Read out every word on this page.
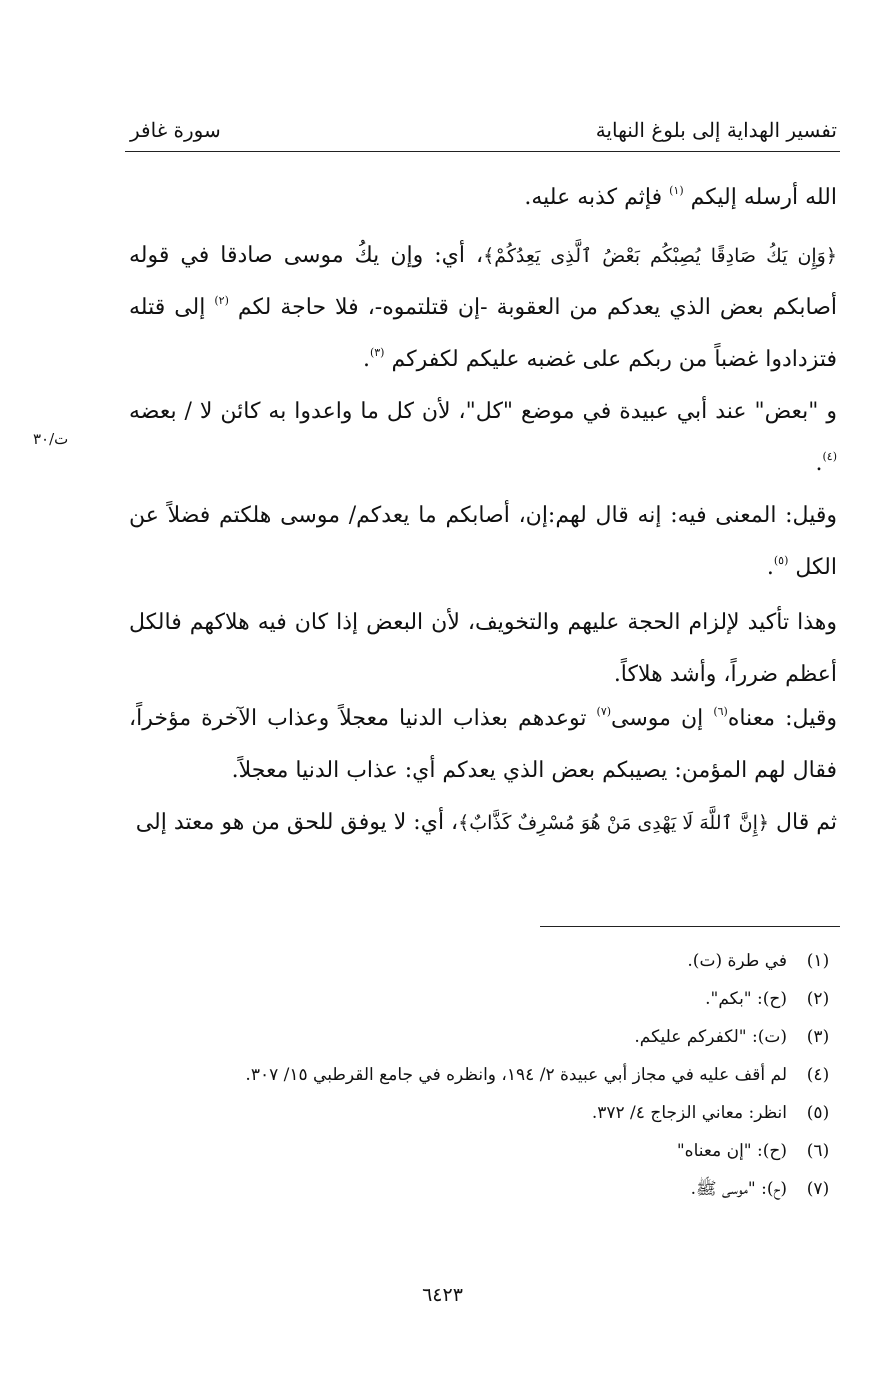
تفسير الهداية إلى بلوغ النهاية
سورة غافر
ت/٣٠
الله أرسله إليكم $^{(١)}$ فإثم كذبه عليه.
﴿وَإِن يَكُ صَادِقًا يُصِبْكُم بَعْضُ ٱلَّذِى يَعِدُكُمْ﴾، أي: وإن يكُ موسى صادقا في قوله أصابكم بعض الذي يعدكم من العقوبة -إن قتلتموه-، فلا حاجة لكم $^{(٢)}$ إلى قتله فتزدادوا غضباً من ربكم على غضبه عليكم لكفركم $^{(٣)}$.
و "بعض" عند أبي عبيدة في موضع "كل"، لأن كل ما واعدوا به كائن لا / بعضه $^{(٤)}$.
وقيل: المعنى فيه: إنه قال لهم:إن، أصابكم ما يعدكم/ موسى هلكتم فضلاً عن الكل $^{(٥)}$.
وهذا تأكيد لإلزام الحجة عليهم والتخويف، لأن البعض إذا كان فيه هلاكهم فالكل أعظم ضرراً، وأشد هلاكاً.
وقيل: معناه$^{(٦)}$ إن موسى$^{(٧)}$ توعدهم بعذاب الدنيا معجلاً وعذاب الآخرة مؤخراً، فقال لهم المؤمن: يصيبكم بعض الذي يعدكم أي: عذاب الدنيا معجلاً.
ثم قال ﴿إِنَّ ٱللَّهَ لَا يَهْدِى مَنْ هُوَ مُسْرِفٌ كَذَّابٌ﴾، أي: لا يوفق للحق من هو معتد إلى
(١)في طرة (ت).
(٢)(ح): "بكم".
(٣)(ت): "لكفركم عليكم.
(٤)لم أقف عليه في مجاز أبي عبيدة ٢/ ١٩٤، وانظره في جامع القرطبي ١٥/ ٣٠٧.
(٥)انظر: معاني الزجاج ٤/ ٣٧٢.
(٦)(ح): "إن معناه"
(٧)(ح): "موسى ﷺ.
٦٤٢٣
